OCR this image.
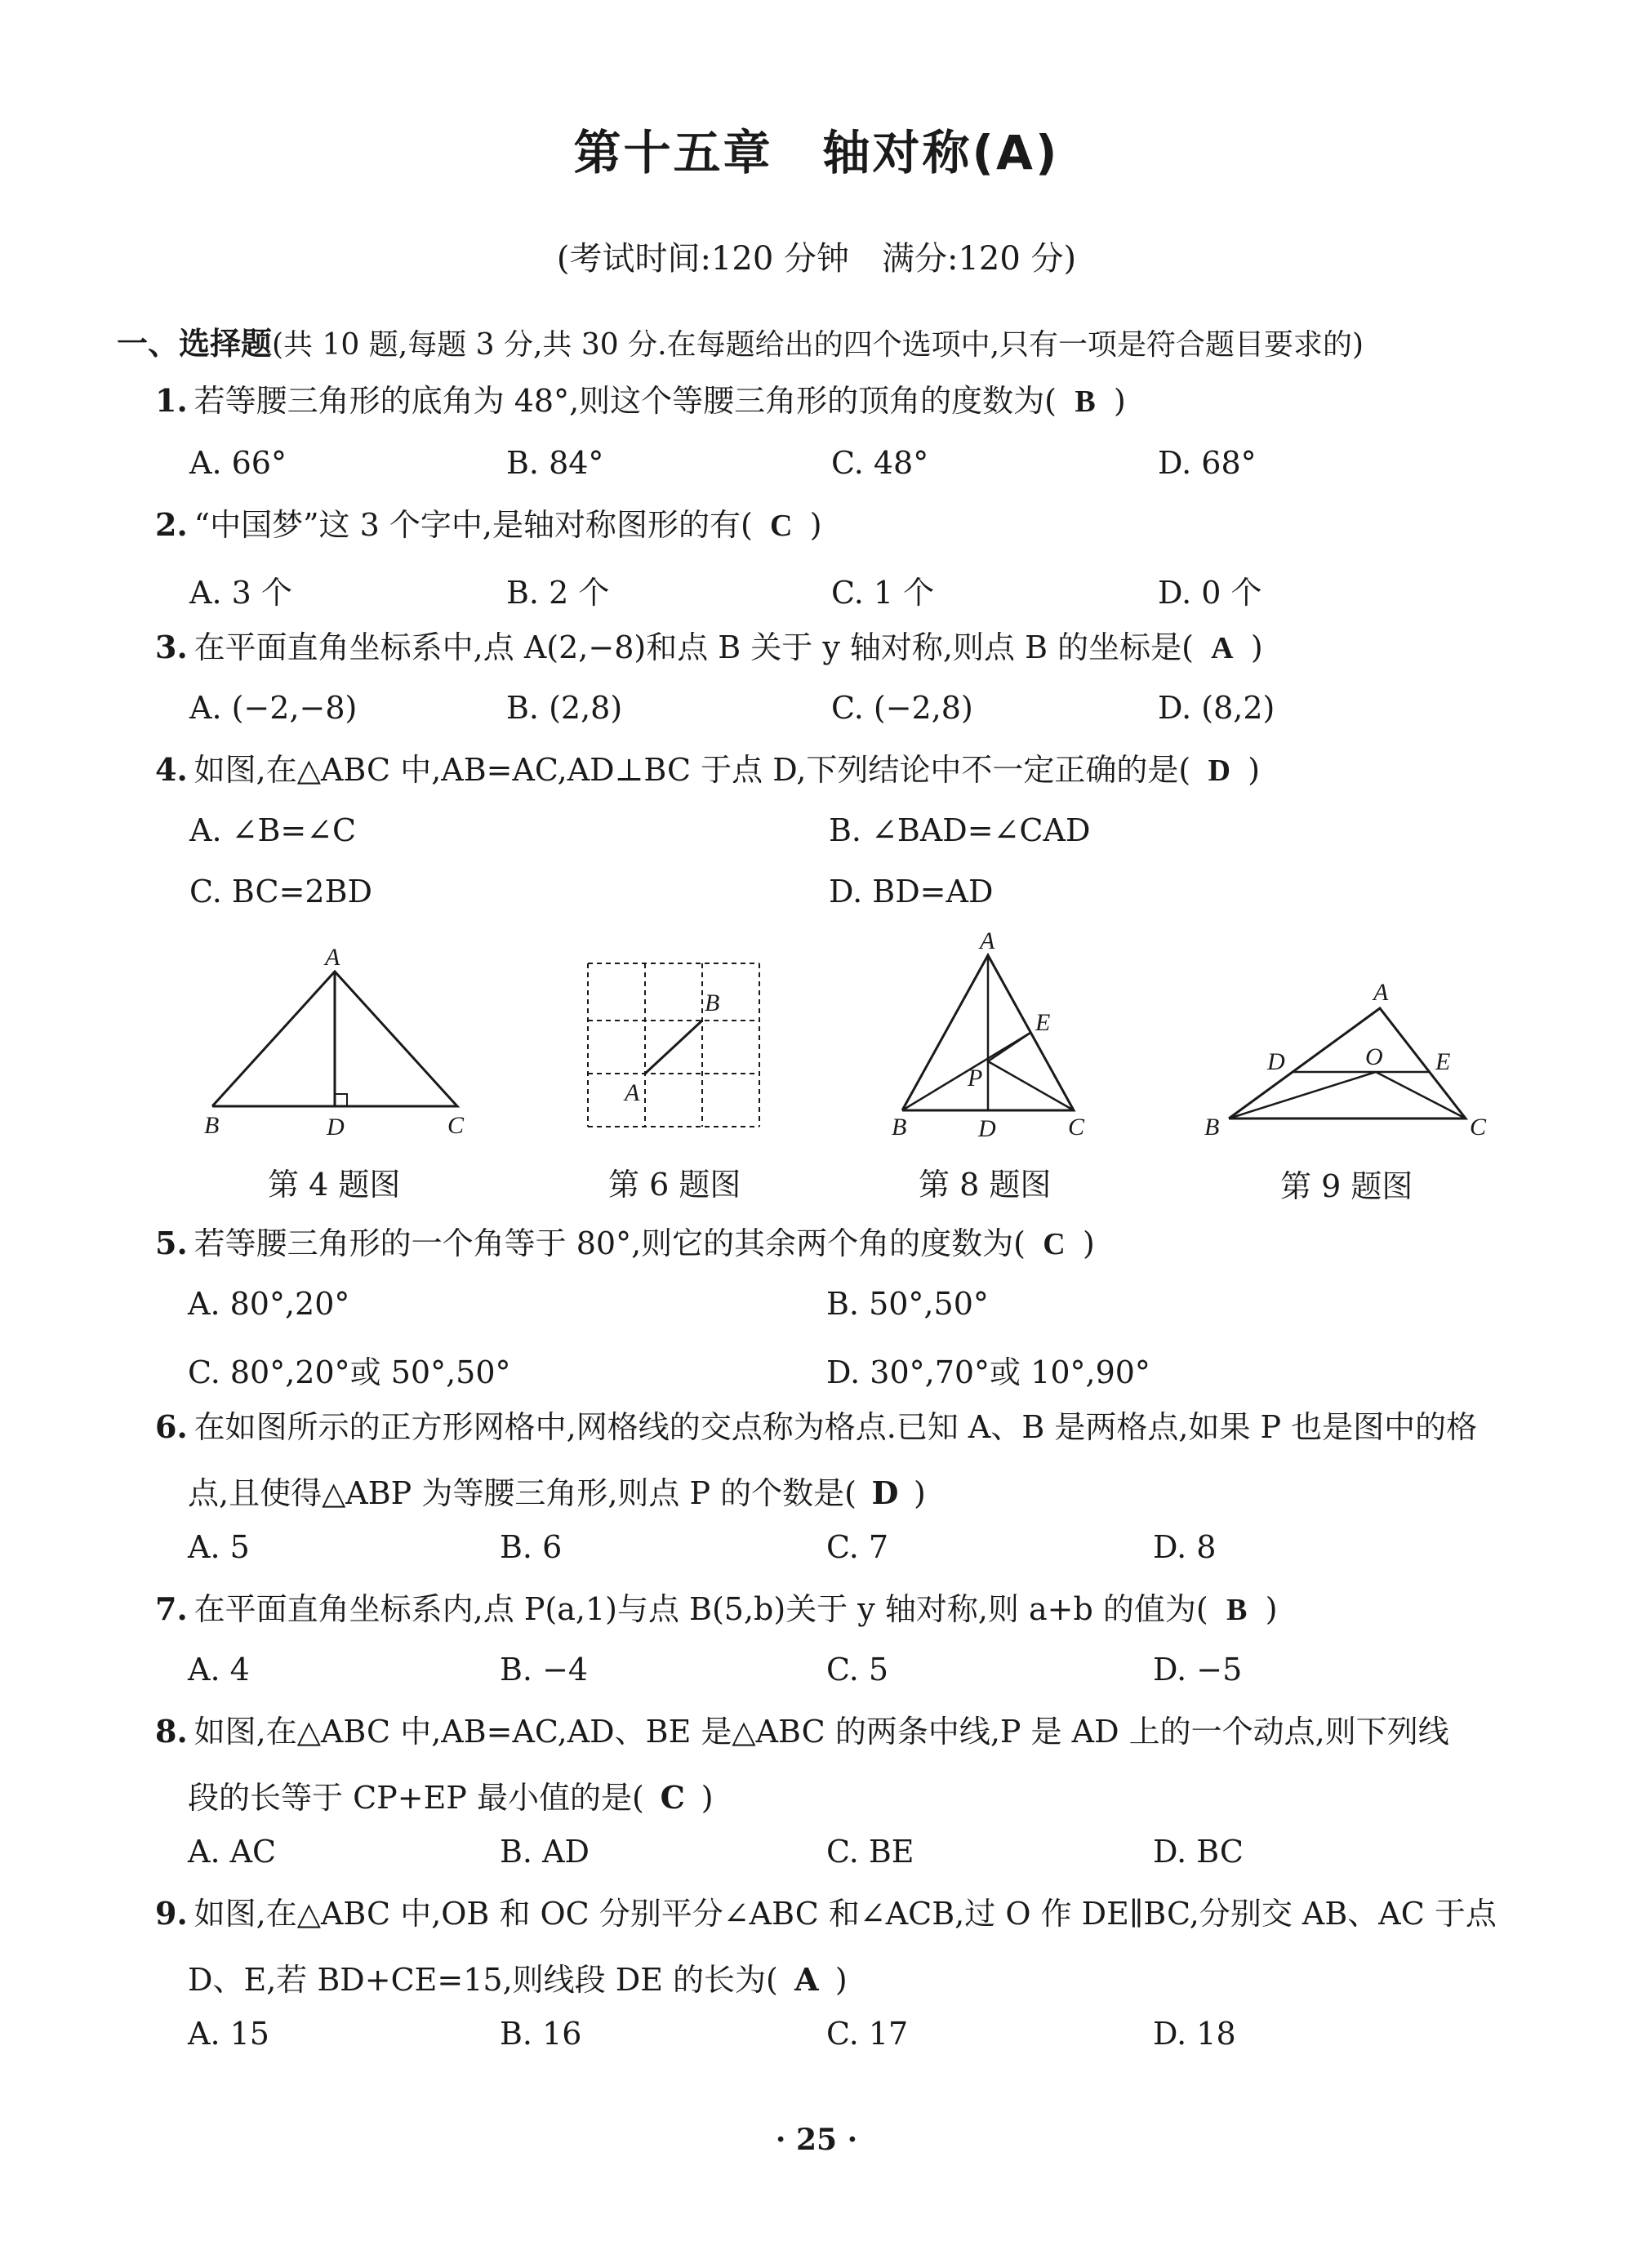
第十五章　轴对称(A)
(考试时间:120 分钟　满分:120 分)
一、选择题(共 10 题,每题 3 分,共 30 分.在每题给出的四个选项中,只有一项是符合题目要求的)
1. 若等腰三角形的底角为 48°,则这个等腰三角形的顶角的度数为( B )
A. 66°	B. 84°	C. 48°	D. 68°
2. “中国梦”这 3 个字中,是轴对称图形的有( C )
A. 3 个	B. 2 个	C. 1 个	D. 0 个
3. 在平面直角坐标系中,点 A(2,−8)和点 B 关于 y 轴对称,则点 B 的坐标是( A )
A. (−2,−8)	B. (2,8)	C. (−2,8)	D. (8,2)
4. 如图,在△ABC 中,AB=AC,AD⊥BC 于点 D,下列结论中不一定正确的是( D )
A. ∠B=∠C	B. ∠BAD=∠CAD
C. BC=2BD	D. BD=AD
A
B	D	C
第 4 题图
B
A
第 6 题图
A
E
P
B	D	C
第 8 题图
A
D	O E
B	C
第 9 题图
5. 若等腰三角形的一个角等于 80°,则它的其余两个角的度数为( C )
A. 80°,20°	B. 50°,50°
C. 80°,20°或 50°,50°	D. 30°,70°或 10°,90°
6. 在如图所示的正方形网格中,网格线的交点称为格点.已知 A、B 是两格点,如果 P 也是图中的格
点,且使得△ABP 为等腰三角形,则点 P 的个数是( D )
A. 5	B. 6	C. 7	D. 8
7. 在平面直角坐标系内,点 P(a,1)与点 B(5,b)关于 y 轴对称,则 a+b 的值为( B )
A. 4	B. −4	C. 5	D. −5
8. 如图,在△ABC 中,AB=AC,AD、BE 是△ABC 的两条中线,P 是 AD 上的一个动点,则下列线
段的长等于 CP+EP 最小值的是( C )
A. AC	B. AD	C. BE	D. BC
9. 如图,在△ABC 中,OB 和 OC 分别平分∠ABC 和∠ACB,过 O 作 DE∥BC,分别交 AB、AC 于点
D、E,若 BD+CE=15,则线段 DE 的长为( A )
A. 15	B. 16	C. 17	D. 18
· 25 ·
